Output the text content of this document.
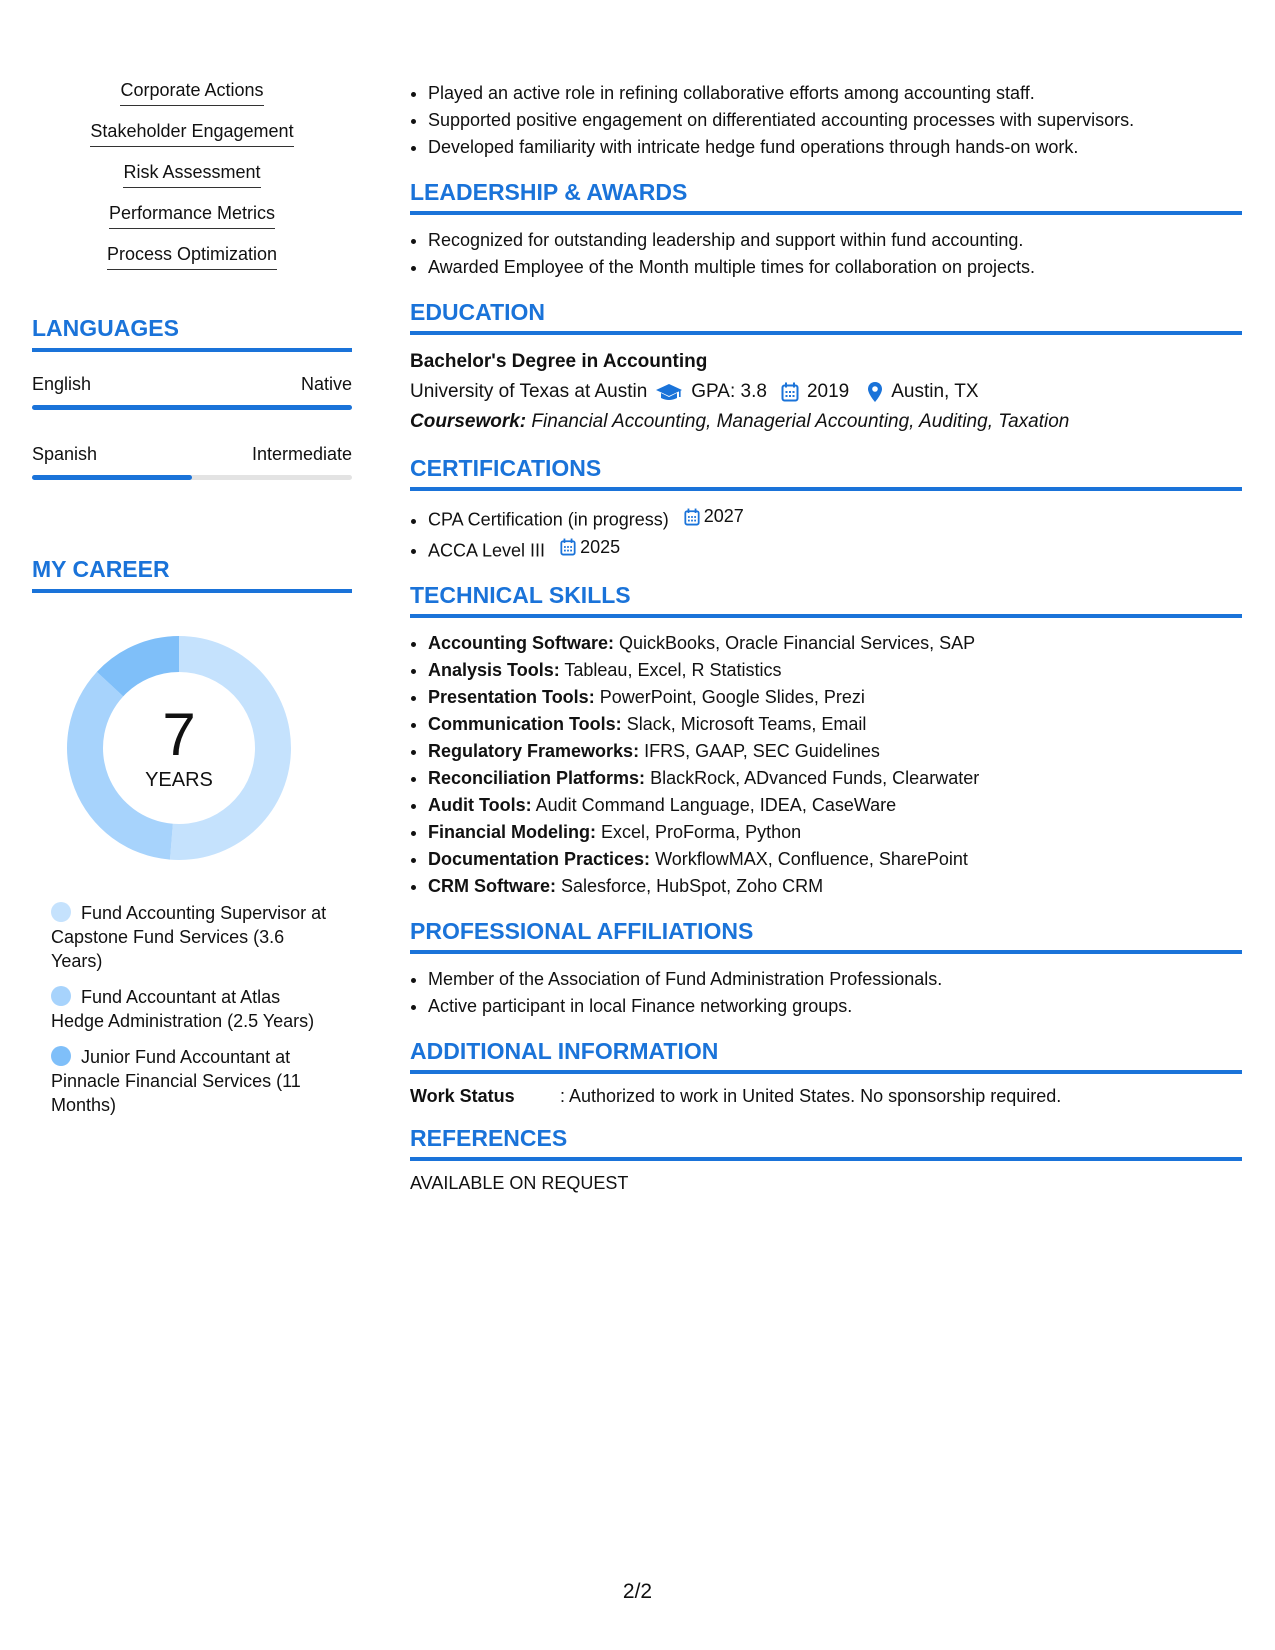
Corporate Actions
Stakeholder Engagement
Risk Assessment
Performance Metrics
Process Optimization
LANGUAGES
English	Native
Spanish	Intermediate
MY CAREER
7
YEARS
Fund Accounting Supervisor at Capstone Fund Services (3.6 Years)
Fund Accountant at Atlas Hedge Administration (2.5 Years)
Junior Fund Accountant at Pinnacle Financial Services (11 Months)
• Played an active role in refining collaborative efforts among accounting staff.
• Supported positive engagement on differentiated accounting processes with supervisors.
• Developed familiarity with intricate hedge fund operations through hands-on work.
LEADERSHIP & AWARDS
• Recognized for outstanding leadership and support within fund accounting.
• Awarded Employee of the Month multiple times for collaboration on projects.
EDUCATION
Bachelor's Degree in Accounting
University of Texas at Austin GPA: 3.8 2019 Austin, TX
Coursework: Financial Accounting, Managerial Accounting, Auditing, Taxation
CERTIFICATIONS
• CPA Certification (in progress) 2027
• ACCA Level III 2025
TECHNICAL SKILLS
• Accounting Software: QuickBooks, Oracle Financial Services, SAP
• Analysis Tools: Tableau, Excel, R Statistics
• Presentation Tools: PowerPoint, Google Slides, Prezi
• Communication Tools: Slack, Microsoft Teams, Email
• Regulatory Frameworks: IFRS, GAAP, SEC Guidelines
• Reconciliation Platforms: BlackRock, ADvanced Funds, Clearwater
• Audit Tools: Audit Command Language, IDEA, CaseWare
• Financial Modeling: Excel, ProForma, Python
• Documentation Practices: WorkflowMAX, Confluence, SharePoint
• CRM Software: Salesforce, HubSpot, Zoho CRM
PROFESSIONAL AFFILIATIONS
• Member of the Association of Fund Administration Professionals.
• Active participant in local Finance networking groups.
ADDITIONAL INFORMATION
Work Status	: Authorized to work in United States. No sponsorship required.
REFERENCES
AVAILABLE ON REQUEST
2/2
